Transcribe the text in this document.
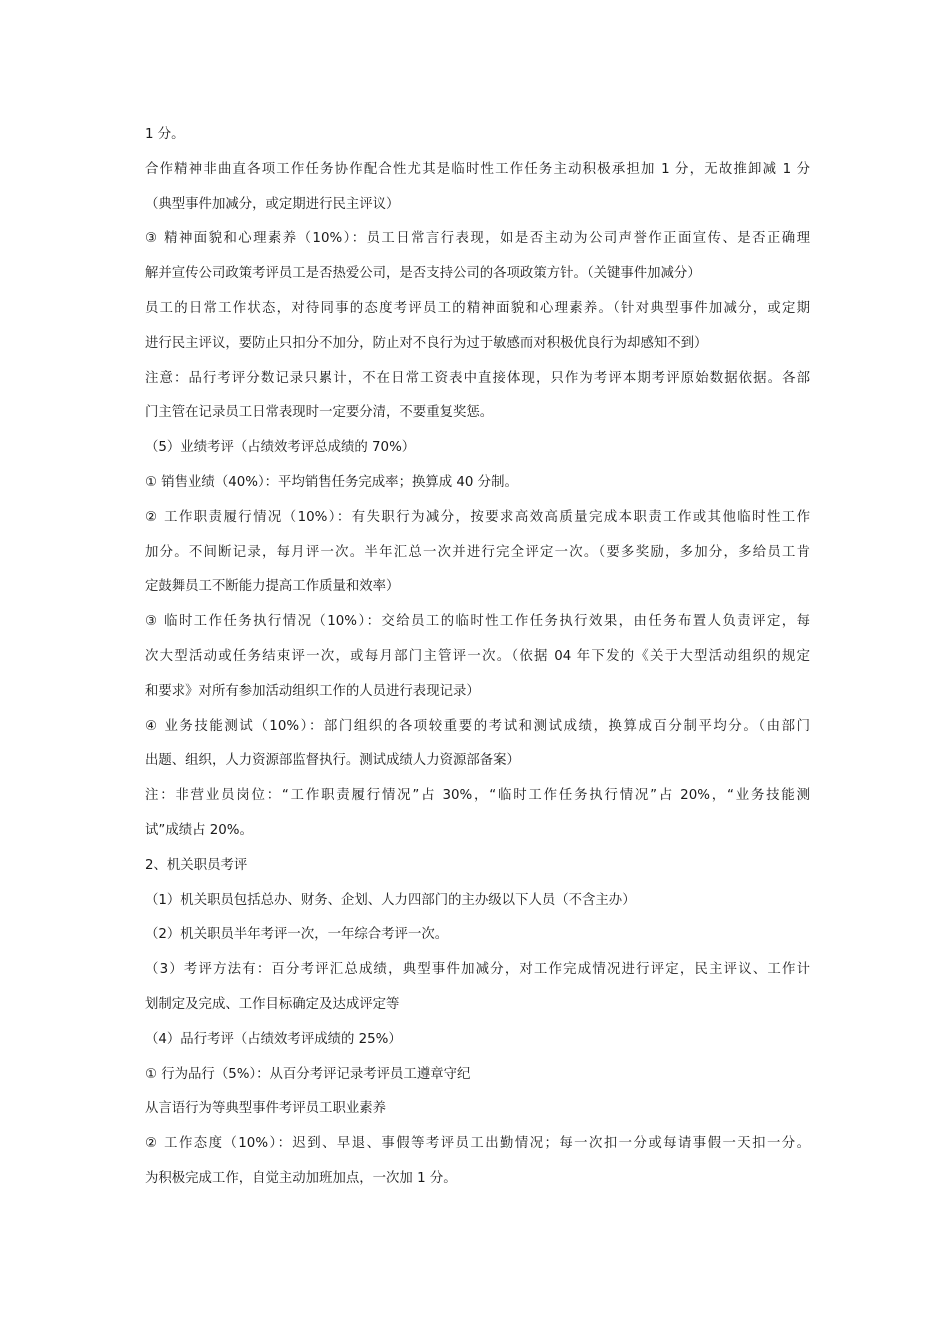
1 分。
合作精神非曲直各项工作任务协作配合性尤其是临时性工作任务主动积极承担加 1 分，无故推卸减 1 分
（典型事件加减分，或定期进行民主评议）
③ 精神面貌和心理素养（10%）：员工日常言行表现，如是否主动为公司声誉作正面宣传、是否正确理
解并宣传公司政策考评员工是否热爱公司，是否支持公司的各项政策方针。（关键事件加减分）
员工的日常工作状态，对待同事的态度考评员工的精神面貌和心理素养。（针对典型事件加减分，或定期
进行民主评议，要防止只扣分不加分，防止对不良行为过于敏感而对积极优良行为却感知不到）
注意：品行考评分数记录只累计，不在日常工资表中直接体现，只作为考评本期考评原始数据依据。各部
门主管在记录员工日常表现时一定要分清，不要重复奖惩。
（5）业绩考评（占绩效考评总成绩的 70%）
① 销售业绩（40%）：平均销售任务完成率；换算成 40 分制。
② 工作职责履行情况（10%）：有失职行为减分，按要求高效高质量完成本职责工作或其他临时性工作
加分。不间断记录，每月评一次。半年汇总一次并进行完全评定一次。（要多奖励，多加分，多给员工肯
定鼓舞员工不断能力提高工作质量和效率）
③ 临时工作任务执行情况（10%）：交给员工的临时性工作任务执行效果，由任务布置人负责评定，每
次大型活动或任务结束评一次，或每月部门主管评一次。（依据 04 年下发的《关于大型活动组织的规定
和要求》对所有参加活动组织工作的人员进行表现记录）
④ 业务技能测试（10%）：部门组织的各项较重要的考试和测试成绩，换算成百分制平均分。（由部门
出题、组织，人力资源部监督执行。测试成绩人力资源部备案）
注：非营业员岗位：“工作职责履行情况”占 30%，“临时工作任务执行情况”占 20%，“业务技能测
试”成绩占 20%。
2、机关职员考评
（1）机关职员包括总办、财务、企划、人力四部门的主办级以下人员（不含主办）
（2）机关职员半年考评一次，一年综合考评一次。
（3）考评方法有：百分考评汇总成绩，典型事件加减分，对工作完成情况进行评定，民主评议、工作计
划制定及完成、工作目标确定及达成评定等
（4）品行考评（占绩效考评成绩的 25%）
① 行为品行（5%）：从百分考评记录考评员工遵章守纪
从言语行为等典型事件考评员工职业素养
② 工作态度（10%）：迟到、早退、事假等考评员工出勤情况；每一次扣一分或每请事假一天扣一分。
为积极完成工作，自觉主动加班加点，一次加 1 分。
